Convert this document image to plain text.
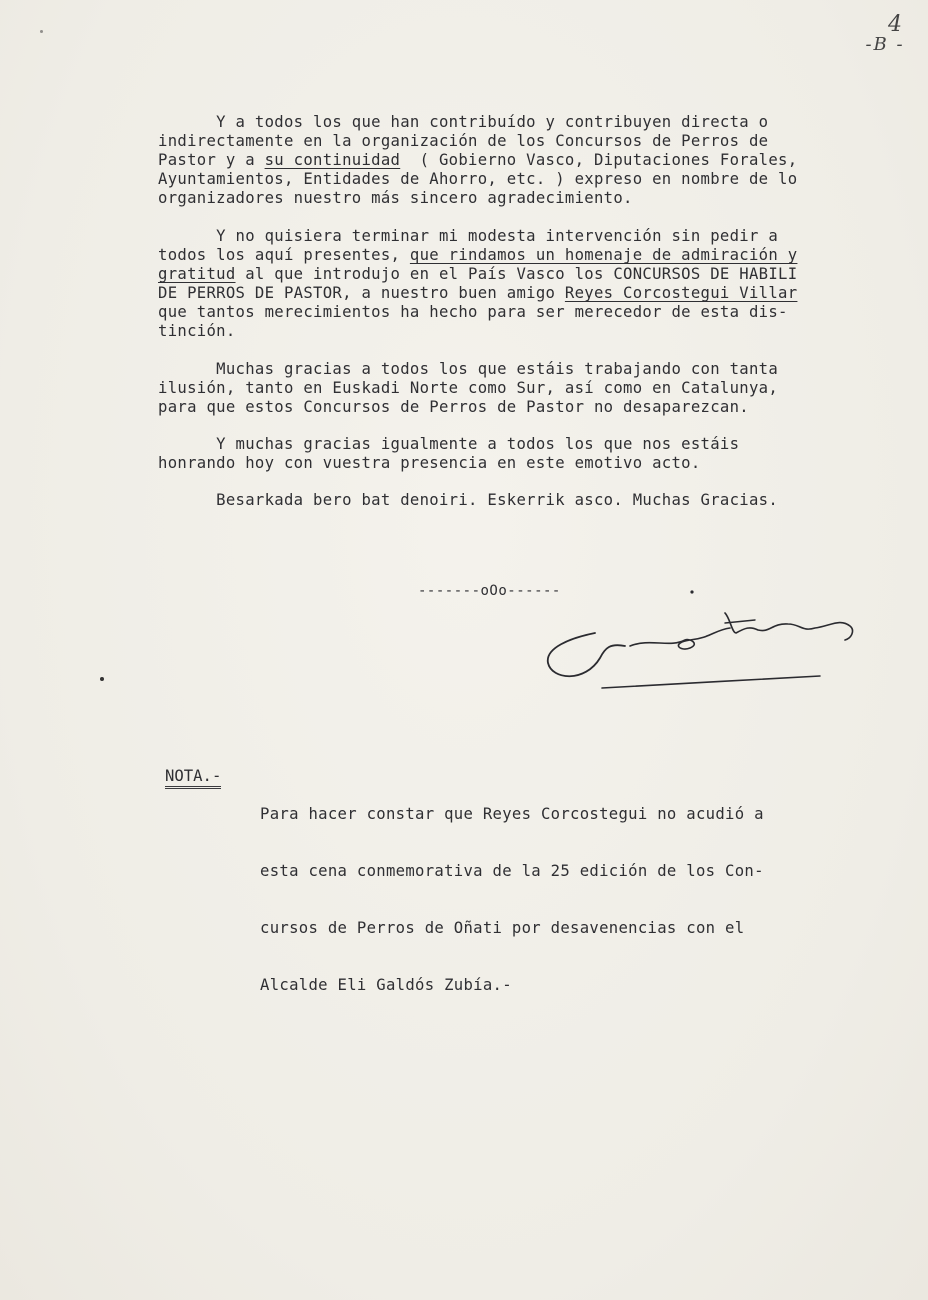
4
-B -

Y a todos los que han contribuído y contribuyen directa o
indirectamente en la organización de los Concursos de Perros de
Pastor y a su continuidad  ( Gobierno Vasco, Diputaciones Forales,
Ayuntamientos, Entidades de Ahorro, etc. ) expreso en nombre de lo
organizadores nuestro más sincero agradecimiento.

Y no quisiera terminar mi modesta intervención sin pedir a
todos los aquí presentes, que rindamos un homenaje de admiración y
gratitud al que introdujo en el País Vasco los CONCURSOS DE HABILI
DE PERROS DE PASTOR, a nuestro buen amigo Reyes Corcostegui Villar
que tantos merecimientos ha hecho para ser merecedor de esta dis-
tinción.

Muchas gracias a todos los que estáis trabajando con tanta
ilusión, tanto en Euskadi Norte como Sur, así como en Catalunya,
para que estos Concursos de Perros de Pastor no desaparezcan.

Y muchas gracias igualmente a todos los que nos estáis
honrando hoy con vuestra presencia en este emotivo acto.

Besarkada bero bat denoiri. Eskerrik asco. Muchas Gracias.

-------oOo------
NOTA.-

Para hacer constar que Reyes Corcostegui no acudió a

esta cena conmemorativa de la 25 edición de los Con-

cursos de Perros de Oñati por desavenencias con el

Alcalde Eli Galdós Zubía.-
